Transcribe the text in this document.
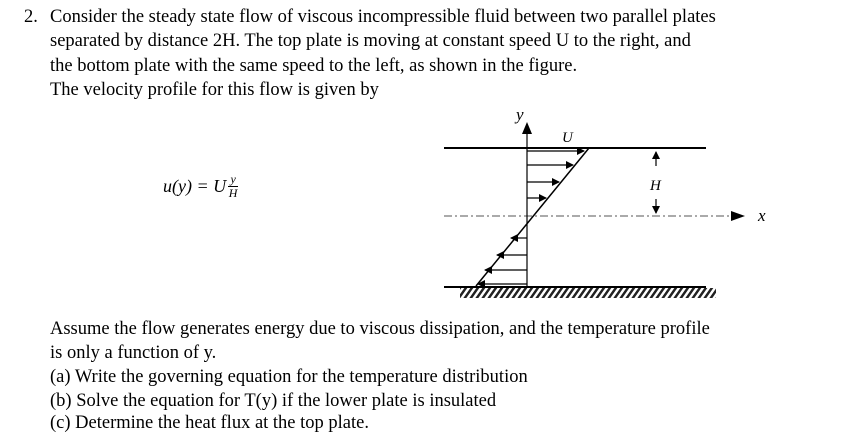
2. Consider the steady state flow of viscous incompressible fluid between two parallel plates
separated by distance 2H. The top plate is moving at constant speed U to the right, and
the bottom plate with the same speed to the left, as shown in the figure.
The velocity profile for this flow is given by
u(y) = U $\frac{y}{H}$
y
U
H
x
Assume the flow generates energy due to viscous dissipation, and the temperature profile
is only a function of y.
(a) Write the governing equation for the temperature distribution
(b) Solve the equation for T(y) if the lower plate is insulated
(c) Determine the heat flux at the top plate.
